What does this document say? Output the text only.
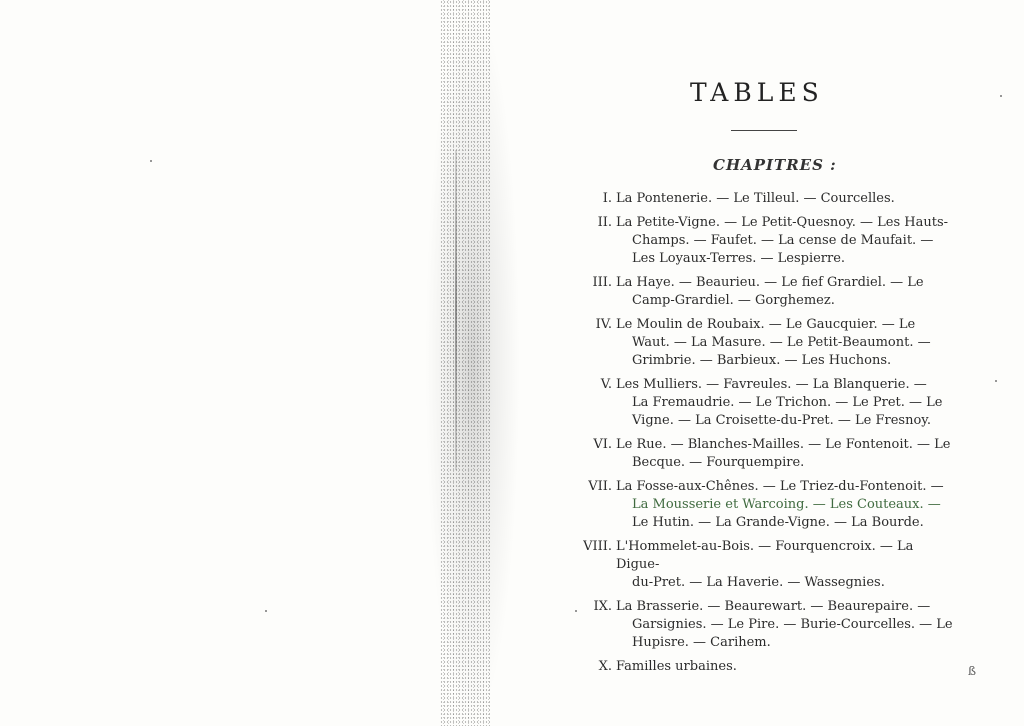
TABLES
CHAPITRES :
I. La Pontenerie. — Le Tilleul. — Courcelles.
II. La Petite-Vigne. — Le Petit-Quesnoy. — Les Hauts-
Champs. — Faufet. — La cense de Maufait. —
Les Loyaux-Terres. — Lespierre.
III. La Haye. — Beaurieu. — Le fief Grardiel. — Le
Camp-Grardiel. — Gorghemez.
IV. Le Moulin de Roubaix. — Le Gaucquier. — Le
Waut. — La Masure. — Le Petit-Beaumont. —
Grimbrie. — Barbieux. — Les Huchons.
V. Les Mulliers. — Favreules. — La Blanquerie. —
La Fremaudrie. — Le Trichon. — Le Pret. — Le
Vigne. — La Croisette-du-Pret. — Le Fresnoy.
VI. Le Rue. — Blanches-Mailles. — Le Fontenoit. — Le
Becque. — Fourquempire.
VII. La Fosse-aux-Chênes. — Le Triez-du-Fontenoit. —
La Mousserie et Warcoing. — Les Couteaux. —
Le Hutin. — La Grande-Vigne. — La Bourde.
VIII. L'Hommelet-au-Bois. — Fourquencroix. — La Digue-
du-Pret. — La Haverie. — Wassegnies.
IX. La Brasserie. — Beaurewart. — Beaurepaire. —
Garsignies. — Le Pire. — Burie-Courcelles. — Le
Hupisre. — Carihem.
X. Familles urbaines.	ß
